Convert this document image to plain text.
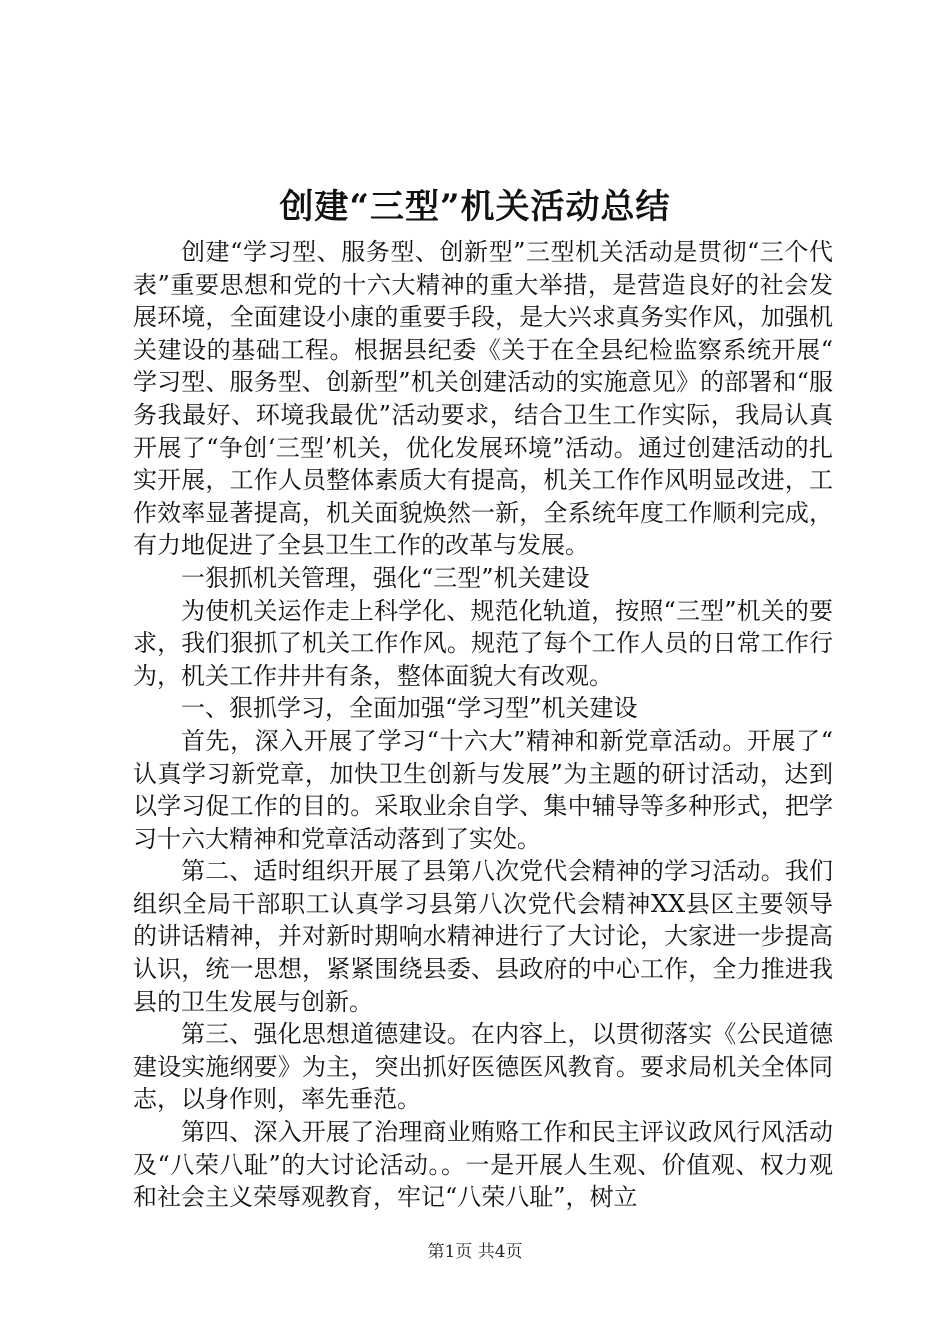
创建“三型”机关活动总结

创建“学习型、服务型、创新型”三型机关活动是贯彻“三个代表”重要思想和党的十六大精神的重大举措，是营造良好的社会发展环境，全面建设小康的重要手段，是大兴求真务实作风，加强机关建设的基础工程。根据县纪委《关于在全县纪检监察系统开展“学习型、服务型、创新型”机关创建活动的实施意见》的部署和“服务我最好、环境我最优”活动要求，结合卫生工作实际，我局认真开展了“争创‘三型’机关，优化发展环境”活动。通过创建活动的扎实开展，工作人员整体素质大有提高，机关工作作风明显改进，工作效率显著提高，机关面貌焕然一新，全系统年度工作顺利完成，有力地促进了全县卫生工作的改革与发展。

一狠抓机关管理，强化“三型”机关建设

为使机关运作走上科学化、规范化轨道，按照“三型”机关的要求，我们狠抓了机关工作作风。规范了每个工作人员的日常工作行为，机关工作井井有条，整体面貌大有改观。

一、狠抓学习，全面加强“学习型”机关建设

首先，深入开展了学习“十六大”精神和新党章活动。开展了“认真学习新党章，加快卫生创新与发展”为主题的研讨活动，达到以学习促工作的目的。采取业余自学、集中辅导等多种形式，把学习十六大精神和党章活动落到了实处。

第二、适时组织开展了县第八次党代会精神的学习活动。我们组织全局干部职工认真学习县第八次党代会精神XX县区主要领导的讲话精神，并对新时期响水精神进行了大讨论，大家进一步提高认识，统一思想，紧紧围绕县委、县政府的中心工作，全力推进我县的卫生发展与创新。

第三、强化思想道德建设。在内容上，以贯彻落实《公民道德建设实施纲要》为主，突出抓好医德医风教育。要求局机关全体同志，以身作则，率先垂范。

第四、深入开展了治理商业贿赂工作和民主评议政风行风活动及“八荣八耻”的大讨论活动。。一是开展人生观、价值观、权力观和社会主义荣辱观教育，牢记“八荣八耻”，树立

第1页 共4页
